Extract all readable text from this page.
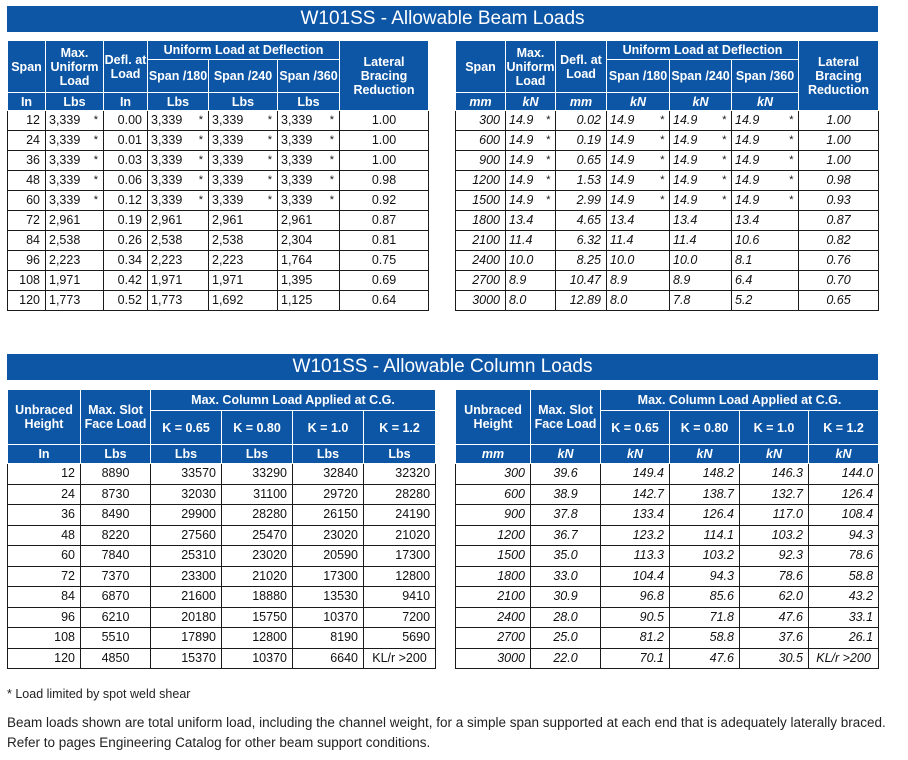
W101SS - Allowable Beam Loads
Span	Max. Uniform Load	Defl. at Load	Uniform Load at Deflection			Lateral Bracing Reduction
			Span /180	Span /240	Span /360	
In	Lbs	In	Lbs	Lbs	Lbs	
12	3,339 *	0.00	3,339 *	3,339 *	3,339 *	1.00
24	3,339 *	0.01	3,339 *	3,339 *	3,339 *	1.00
36	3,339 *	0.03	3,339 *	3,339 *	3,339 *	1.00
48	3,339 *	0.06	3,339 *	3,339 *	3,339 *	0.98
60	3,339 *	0.12	3,339 *	3,339 *	3,339 *	0.92
72	2,961	0.19	2,961	2,961	2,961	0.87
84	2,538	0.26	2,538	2,538	2,304	0.81
96	2,223	0.34	2,223	2,223	1,764	0.75
108	1,971	0.42	1,971	1,971	1,395	0.69
120	1,773	0.52	1,773	1,692	1,125	0.64
Span	Max. Uniform Load	Defl. at Load	Uniform Load at Deflection			Lateral Bracing Reduction
			Span /180	Span /240	Span /360	
mm	kN	mm	kN	kN	kN	
300	14.9 *	0.02	14.9 *	14.9 *	14.9 *	1.00
600	14.9 *	0.19	14.9 *	14.9 *	14.9 *	1.00
900	14.9 *	0.65	14.9 *	14.9 *	14.9 *	1.00
1200	14.9 *	1.53	14.9 *	14.9 *	14.9 *	0.98
1500	14.9 *	2.99	14.9 *	14.9 *	14.9 *	0.93
1800	13.4	4.65	13.4	13.4	13.4	0.87
2100	11.4	6.32	11.4	11.4	10.6	0.82
2400	10.0	8.25	10.0	10.0	8.1	0.76
2700	8.9	10.47	8.9	8.9	6.4	0.70
3000	8.0	12.89	8.0	7.8	5.2	0.65
W101SS - Allowable Column Loads
Unbraced Height	Max. Slot Face Load	Max. Column Load Applied at C.G.			
		K = 0.65	K = 0.80	K = 1.0	K = 1.2
In	Lbs	Lbs	Lbs	Lbs	Lbs
12	8890	33570	33290	32840	32320
24	8730	32030	31100	29720	28280
36	8490	29900	28280	26150	24190
48	8220	27560	25470	23020	21020
60	7840	25310	23020	20590	17300
72	7370	23300	21020	17300	12800
84	6870	21600	18880	13530	9410
96	6210	20180	15750	10370	7200
108	5510	17890	12800	8190	5690
120	4850	15370	10370	6640	KL/r >200
Unbraced Height	Max. Slot Face Load	Max. Column Load Applied at C.G.			
		K = 0.65	K = 0.80	K = 1.0	K = 1.2
mm	kN	kN	kN	kN	kN
300	39.6	149.4	148.2	146.3	144.0
600	38.9	142.7	138.7	132.7	126.4
900	37.8	133.4	126.4	117.0	108.4
1200	36.7	123.2	114.1	103.2	94.3
1500	35.0	113.3	103.2	92.3	78.6
1800	33.0	104.4	94.3	78.6	58.8
2100	30.9	96.8	85.6	62.0	43.2
2400	28.0	90.5	71.8	47.6	33.1
2700	25.0	81.2	58.8	37.6	26.1
3000	22.0	70.1	47.6	30.5	KL/r >200
* Load limited by spot weld shear
Beam loads shown are total uniform load, including the channel weight, for a simple span supported at each end that is adequately laterally braced.
Refer to pages Engineering Catalog for other beam support conditions.
